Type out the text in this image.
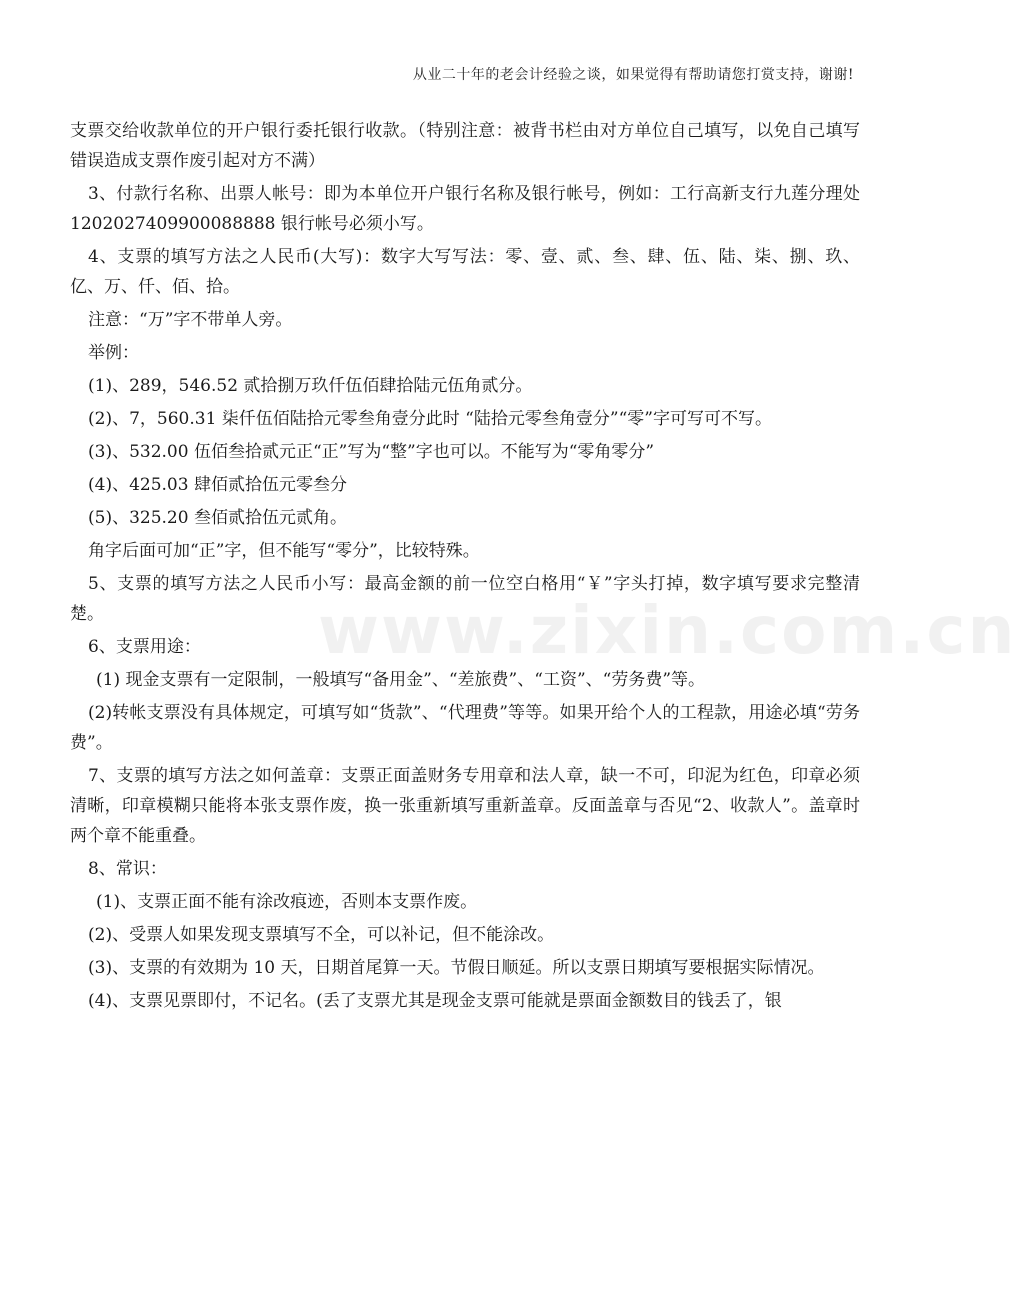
从业二十年的老会计经验之谈，如果觉得有帮助请您打赏支持，谢谢!
www.zixin.com.cn

支票交给收款单位的开户银行委托银行收款。（特别注意：被背书栏由对方单位自己填写，以免自己填写错误造成支票作废引起对方不满）

3、付款行名称、出票人帐号：即为本单位开户银行名称及银行帐号，例如：工行高新支行九莲分理处 1202027409900088888 银行帐号必须小写。

4、支票的填写方法之人民币(大写)：数字大写写法：零、壹、贰、叁、肆、伍、陆、柒、捌、玖、亿、万、仟、佰、拾。

注意：“万”字不带单人旁。

举例：

(1)、289，546.52 贰拾捌万玖仟伍佰肆拾陆元伍角贰分。

(2)、7，560.31 柒仟伍佰陆拾元零叁角壹分此时 “陆拾元零叁角壹分”“零”字可写可不写。

(3)、532.00 伍佰叁拾贰元正“正”写为“整”字也可以。不能写为“零角零分”

(4)、425.03 肆佰贰拾伍元零叁分

(5)、325.20 叁佰贰拾伍元贰角。

角字后面可加“正”字，但不能写“零分”，比较特殊。

5、支票的填写方法之人民币小写：最高金额的前一位空白格用“￥”字头打掉，数字填写要求完整清楚。

6、支票用途：

(1) 现金支票有一定限制，一般填写“备用金”、“差旅费”、“工资”、“劳务费”等。

(2)转帐支票没有具体规定，可填写如“货款”、“代理费”等等。如果开给个人的工程款，用途必填“劳务费”。

7、支票的填写方法之如何盖章：支票正面盖财务专用章和法人章，缺一不可，印泥为红色，印章必须清晰，印章模糊只能将本张支票作废，换一张重新填写重新盖章。反面盖章与否见“2、收款人”。盖章时两个章不能重叠。

8、常识：

(1)、支票正面不能有涂改痕迹，否则本支票作废。

(2)、受票人如果发现支票填写不全，可以补记，但不能涂改。

(3)、支票的有效期为 10 天，日期首尾算一天。节假日顺延。所以支票日期填写要根据实际情况。

(4)、支票见票即付，不记名。(丢了支票尤其是现金支票可能就是票面金额数目的钱丢了，银
